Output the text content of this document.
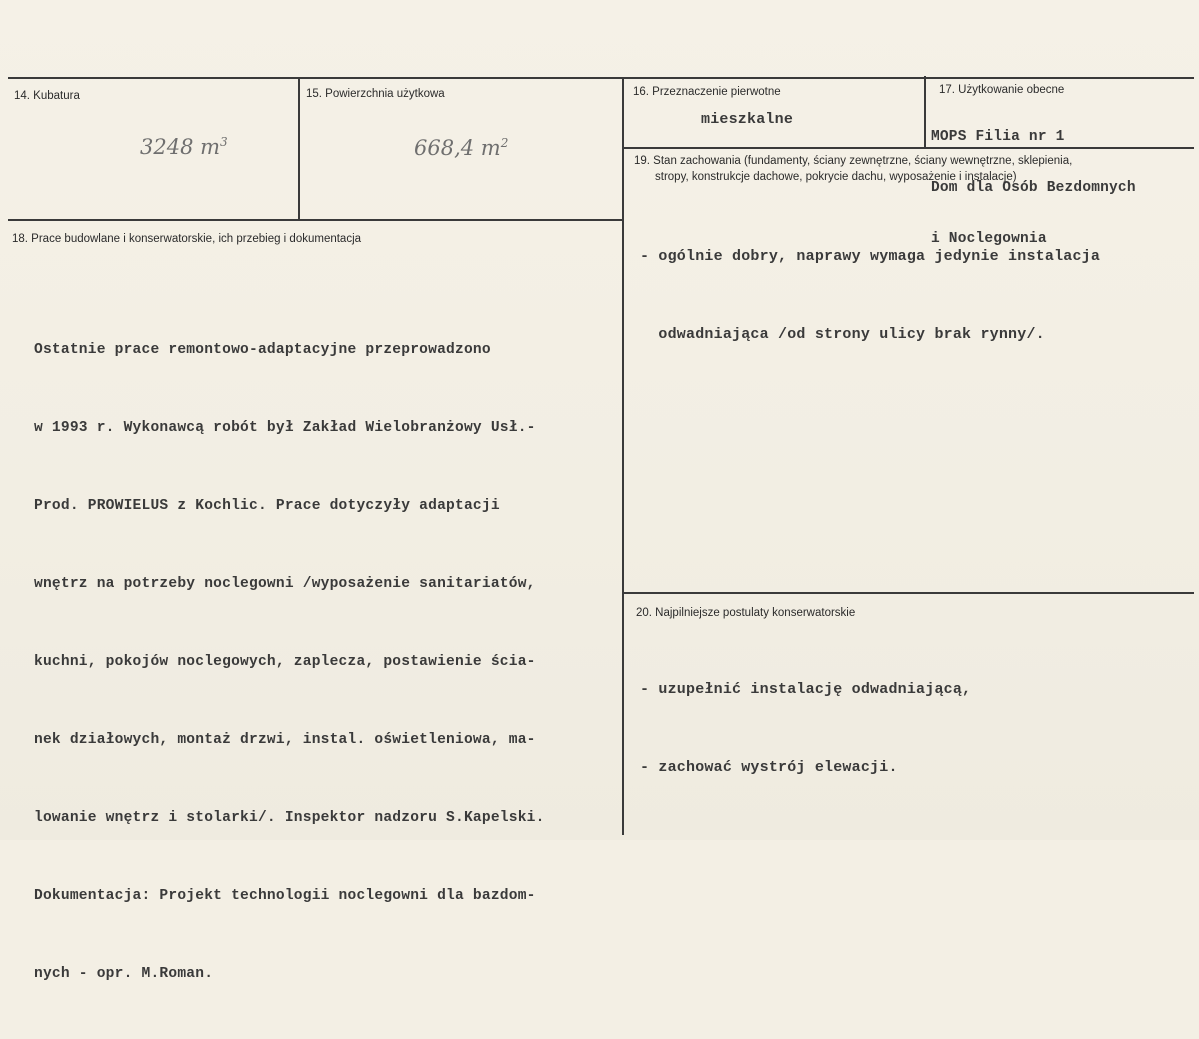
14. Kubatura
3248 $m^3$
15. Powierzchnia użytkowa
668,4 $m^2$
16. Przeznaczenie pierwotne
mieszkalne
17. Użytkowanie obecne

MOPS Filia nr 1

Dom dla Osób Bezdomnych

i Noclegownia

18. Prace budowlane i konserwatorskie, ich przebieg i dokumentacja

Ostatnie prace remontowo-adaptacyjne przeprowadzono

w 1993 r. Wykonawcą robót był Zakład Wielobranżowy Usł.-

Prod. PROWIELUS z Kochlic. Prace dotyczyły adaptacji

wnętrz na potrzeby noclegowni /wyposażenie sanitariatów,

kuchni, pokojów noclegowych, zaplecza, postawienie ścia-

nek działowych, montaż drzwi, instal. oświetleniowa, ma-

lowanie wnętrz i stolarki/. Inspektor nadzoru S.Kapelski.

Dokumentacja: Projekt technologii noclegowni dla bazdom-

nych - opr. M.Roman.

19. Stan zachowania (fundamenty, ściany zewnętrzne, ściany wewnętrzne, sklepienia,
stropy, konstrukcje dachowe, pokrycie dachu, wyposażenie i instalacje)

- ogólnie dobry, naprawy wymaga jedynie instalacja

odwadniająca /od strony ulicy brak rynny/.

20. Najpilniejsze postulaty konserwatorskie

- uzupełnić instalację odwadniającą,

- zachować wystrój elewacji.
